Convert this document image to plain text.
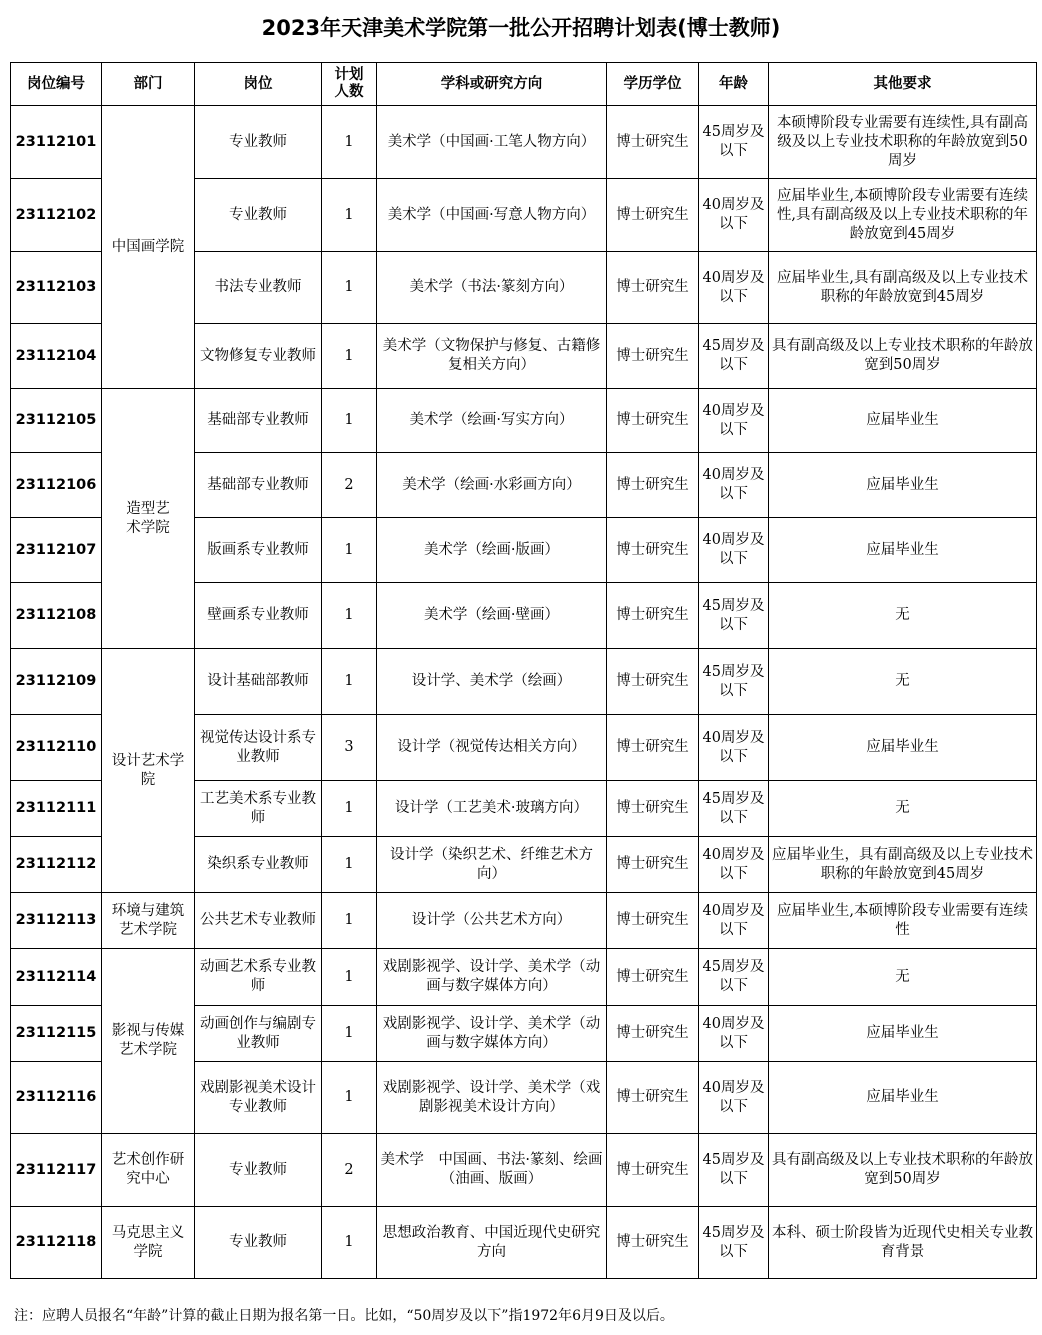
2023年天津美术学院第一批公开招聘计划表(博士教师)
岗位编号	部门	岗位	计划人数	学科或研究方向	学历学位	年龄	其他要求
23112101	中国画学院	专业教师	1	美术学（中国画·工笔人物方向）	博士研究生	45周岁及以下	本硕博阶段专业需要有连续性,具有副高级及以上专业技术职称的年龄放宽到50周岁
23112102		专业教师	1	美术学（中国画·写意人物方向）	博士研究生	40周岁及以下	应届毕业生,本硕博阶段专业需要有连续性,具有副高级及以上专业技术职称的年龄放宽到45周岁
23112103		书法专业教师	1	美术学（书法·篆刻方向）	博士研究生	40周岁及以下	应届毕业生,具有副高级及以上专业技术职称的年龄放宽到45周岁
23112104		文物修复专业教师	1	美术学（文物保护与修复、古籍修复相关方向）	博士研究生	45周岁及以下	具有副高级及以上专业技术职称的年龄放宽到50周岁
23112105	造型艺术学院	基础部专业教师	1	美术学（绘画·写实方向）	博士研究生	40周岁及以下	应届毕业生
23112106		基础部专业教师	2	美术学（绘画·水彩画方向）	博士研究生	40周岁及以下	应届毕业生
23112107		版画系专业教师	1	美术学（绘画·版画）	博士研究生	40周岁及以下	应届毕业生
23112108		壁画系专业教师	1	美术学（绘画·壁画）	博士研究生	45周岁及以下	无
23112109	设计艺术学院	设计基础部教师	1	设计学、美术学（绘画）	博士研究生	45周岁及以下	无
23112110		视觉传达设计系专业教师	3	设计学（视觉传达相关方向）	博士研究生	40周岁及以下	应届毕业生
23112111		工艺美术系专业教师	1	设计学（工艺美术·玻璃方向）	博士研究生	45周岁及以下	无
23112112		染织系专业教师	1	设计学（染织艺术、纤维艺术方向）	博士研究生	40周岁及以下	应届毕业生，具有副高级及以上专业技术职称的年龄放宽到45周岁
23112113	环境与建筑艺术学院	公共艺术专业教师	1	设计学（公共艺术方向）	博士研究生	40周岁及以下	应届毕业生,本硕博阶段专业需要有连续性
23112114	影视与传媒艺术学院	动画艺术系专业教师	1	戏剧影视学、设计学、美术学（动画与数字媒体方向）	博士研究生	45周岁及以下	无
23112115		动画创作与编剧专业教师	1	戏剧影视学、设计学、美术学（动画与数字媒体方向）	博士研究生	40周岁及以下	应届毕业生
23112116		戏剧影视美术设计专业教师	1	戏剧影视学、设计学、美术学（戏剧影视美术设计方向）	博士研究生	40周岁及以下	应届毕业生
23112117	艺术创作研究中心	专业教师	2	美术学　中国画、书法·篆刻、绘画（油画、版画）	博士研究生	45周岁及以下	具有副高级及以上专业技术职称的年龄放宽到50周岁
23112118	马克思主义学院	专业教师	1	思想政治教育、中国近现代史研究方向	博士研究生	45周岁及以下	本科、硕士阶段皆为近现代史相关专业教育背景
注：应聘人员报名“年龄”计算的截止日期为报名第一日。比如，“50周岁及以下”指1972年6月9日及以后。
